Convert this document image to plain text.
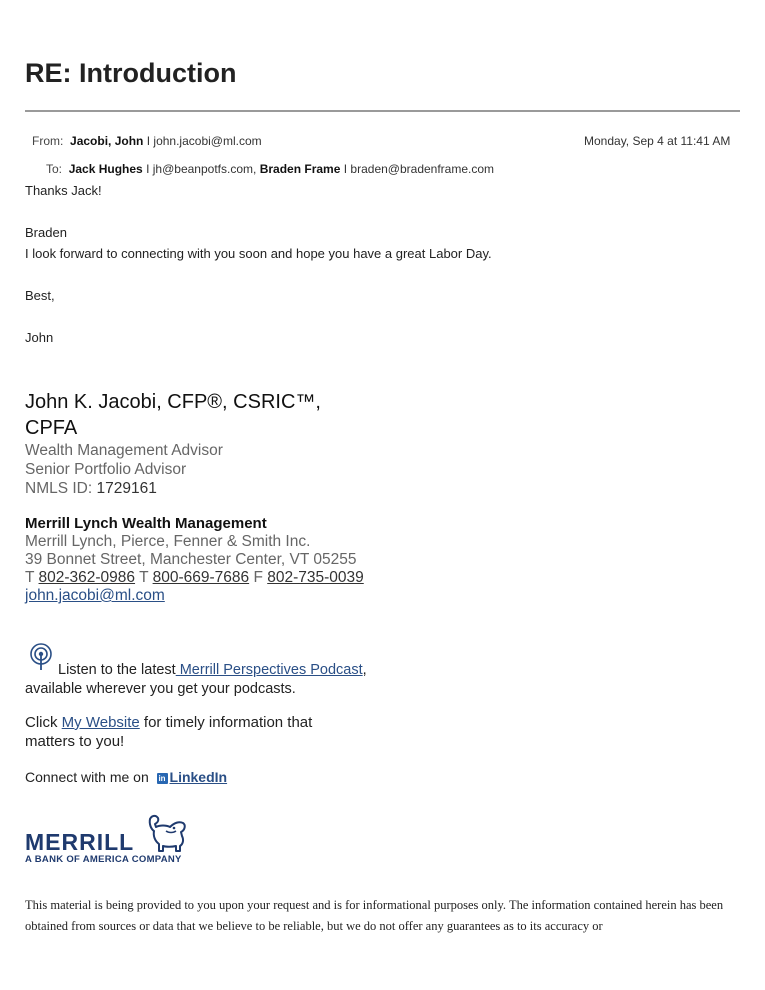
RE: Introduction
From: Jacobi, John I john.jacobi@ml.com	Monday, Sep 4 at 11:41 AM
To: Jack Hughes I jh@beanpotfs.com, Braden Frame I braden@bradenframe.com
Thanks Jack!
Braden
I look forward to connecting with you soon and hope you have a great Labor Day.
Best,
John
John K. Jacobi, CFP®, CSRIC™,
CPFA
Wealth Management Advisor
Senior Portfolio Advisor
NMLS ID: 1729161
Merrill Lynch Wealth Management
Merrill Lynch, Pierce, Fenner & Smith Inc.
39 Bonnet Street, Manchester Center, VT 05255
T 802-362-0986 T 800-669-7686 F 802-735-0039
john.jacobi@ml.com
Listen to the latest Merrill Perspectives Podcast,
available wherever you get your podcasts.
Click My Website for timely information that
matters to you!
Connect with me on in LinkedIn
MERRILL
A BANK OF AMERICA COMPANY
This material is being provided to you upon your request and is for informational purposes only. The information contained herein has been obtained from sources or data that we believe to be reliable, but we do not offer any guarantees as to its accuracy or
